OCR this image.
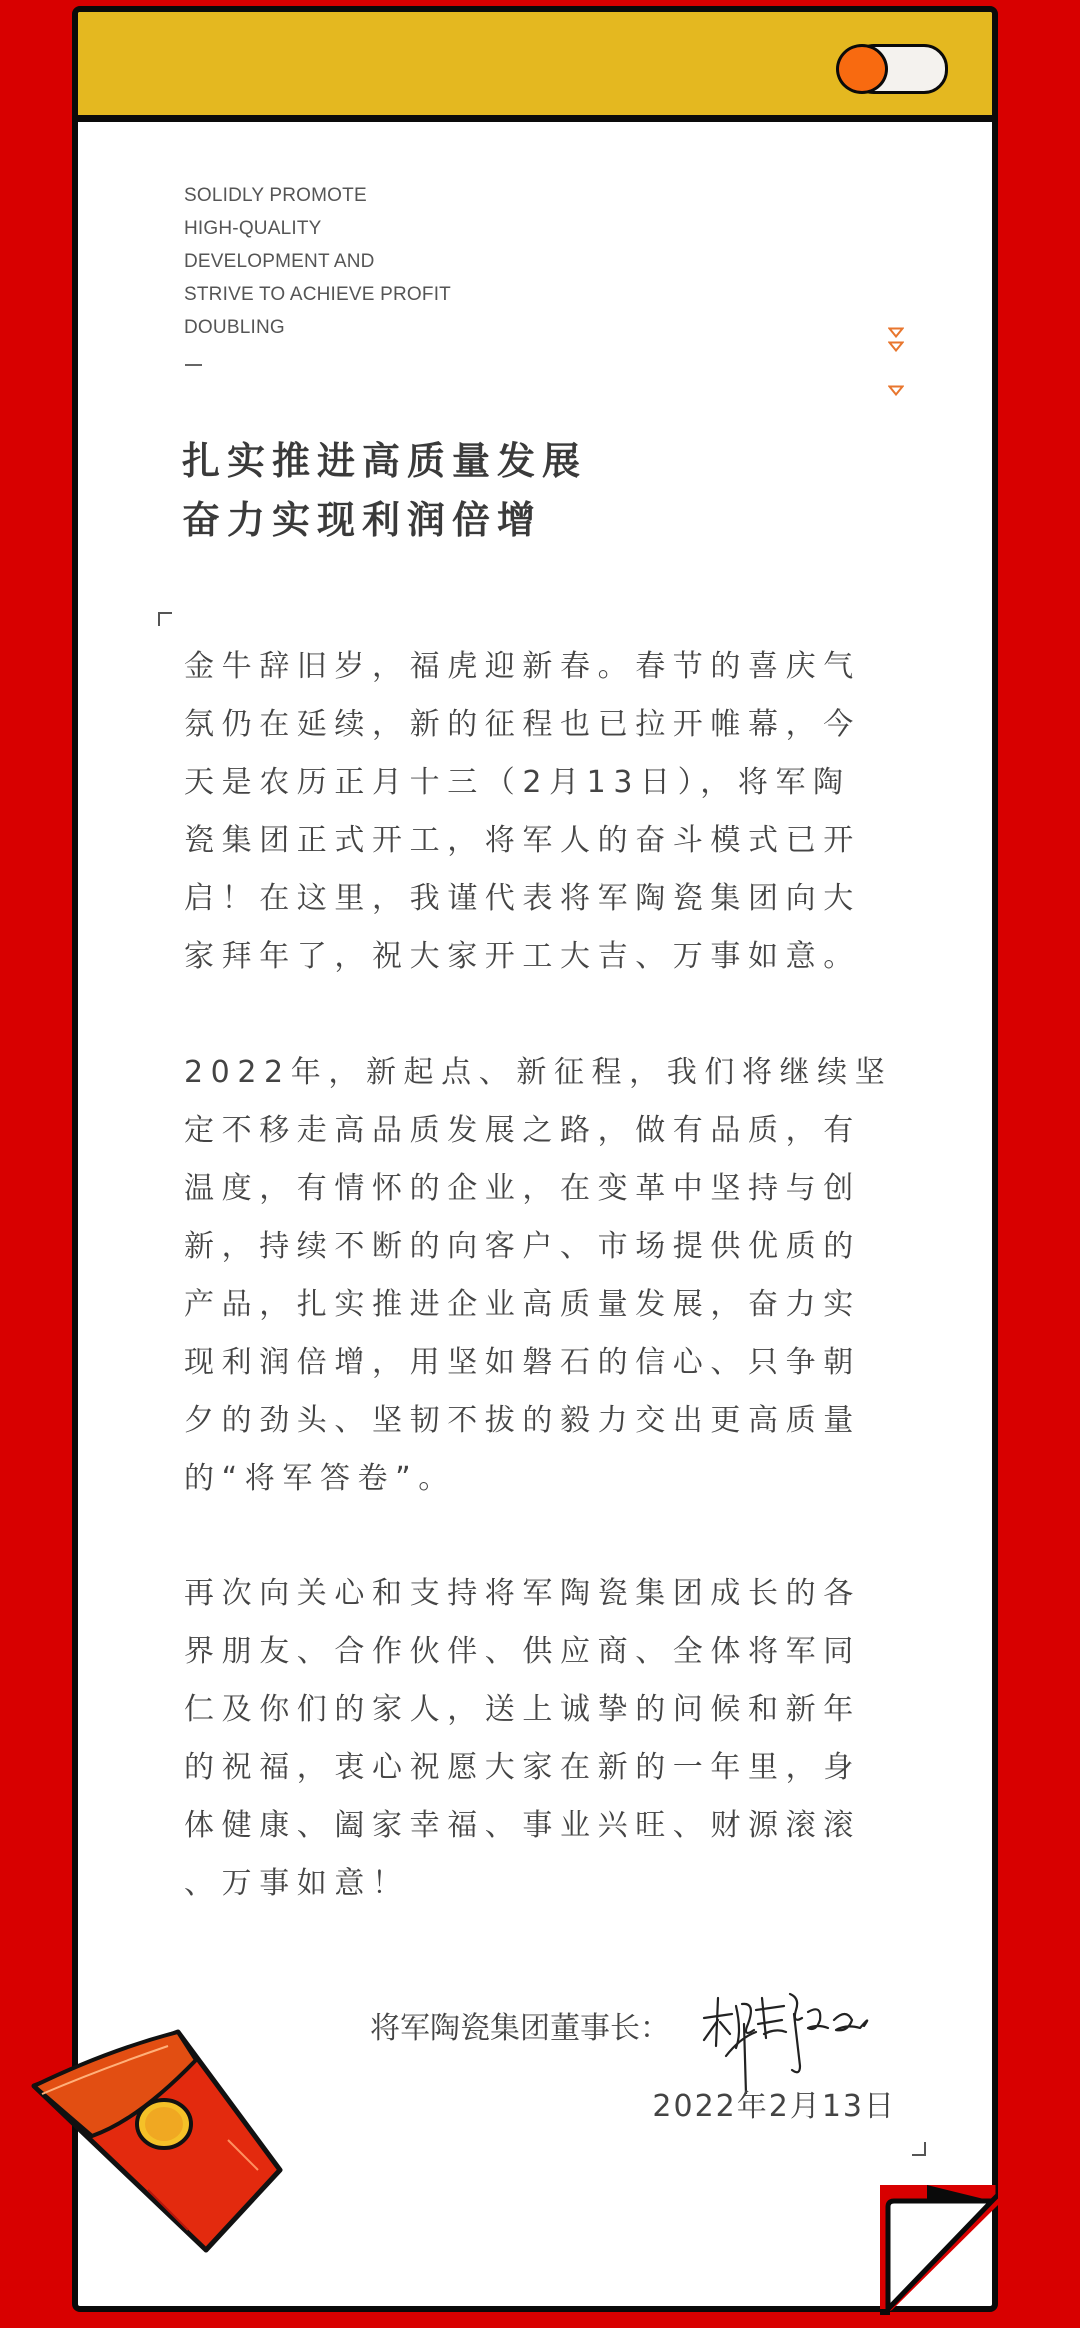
SOLIDLY PROMOTE
HIGH-QUALITY
DEVELOPMENT AND
STRIVE TO ACHIEVE PROFIT
DOUBLING
扎实推进高质量发展
奋力实现利润倍增
金牛辞旧岁，福虎迎新春。春节的喜庆气
氛仍在延续，新的征程也已拉开帷幕，今
天是农历正月十三（2月13日），将军陶
瓷集团正式开工，将军人的奋斗模式已开
启！在这里，我谨代表将军陶瓷集团向大
家拜年了，祝大家开工大吉、万事如意。
2022年，新起点、新征程，我们将继续坚
定不移走高品质发展之路，做有品质，有
温度，有情怀的企业，在变革中坚持与创
新，持续不断的向客户、市场提供优质的
产品，扎实推进企业高质量发展，奋力实
现利润倍增，用坚如磐石的信心、只争朝
夕的劲头、坚韧不拔的毅力交出更高质量
的“将军答卷”。
再次向关心和支持将军陶瓷集团成长的各
界朋友、合作伙伴、供应商、全体将军同
仁及你们的家人，送上诚挚的问候和新年
的祝福，衷心祝愿大家在新的一年里，身
体健康、阖家幸福、事业兴旺、财源滚滚
、万事如意！
将军陶瓷集团董事长：
2022年2月13日
